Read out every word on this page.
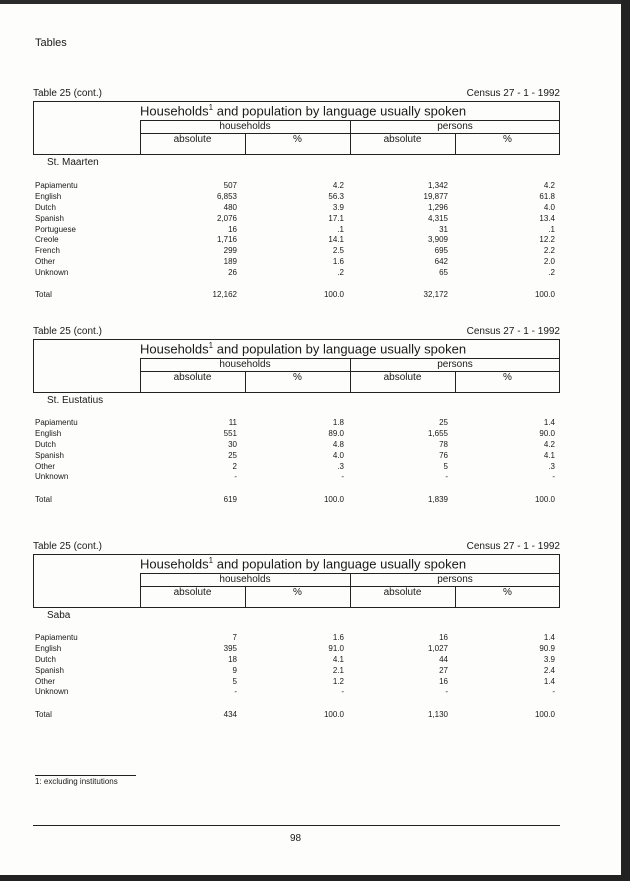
Tables
Table 25 (cont.)	Census 27 - 1 - 1992
Households$^1$ and population by language usually spoken
households	persons
absolute	%	absolute	%
St. Maarten
Papiamentu	507	4.2	1,342	4.2
English	6,853	56.3	19,877	61.8
Dutch	480	3.9	1,296	4.0
Spanish	2,076	17.1	4,315	13.4
Portuguese	16	.1	31	.1
Creole	1,716	14.1	3,909	12.2
French	299	2.5	695	2.2
Other	189	1.6	642	2.0
Unknown	26	.2	65	.2
Total	12,162	100.0	32,172	100.0
Table 25 (cont.)	Census 27 - 1 - 1992
Households$^1$ and population by language usually spoken
households	persons
absolute	%	absolute	%
St. Eustatius
Papiamentu	11	1.8	25	1.4
English	551	89.0	1,655	90.0
Dutch	30	4.8	78	4.2
Spanish	25	4.0	76	4.1
Other	2	.3	5	.3
Unknown	-	-	-	-
Total	619	100.0	1,839	100.0
Table 25 (cont.)	Census 27 - 1 - 1992
Households$^1$ and population by language usually spoken
households	persons
absolute	%	absolute	%
Saba
Papiamentu	7	1.6	16	1.4
English	395	91.0	1,027	90.9
Dutch	18	4.1	44	3.9
Spanish	9	2.1	27	2.4
Other	5	1.2	16	1.4
Unknown	-	-	-	-
Total	434	100.0	1,130	100.0
1: excluding institutions
98
